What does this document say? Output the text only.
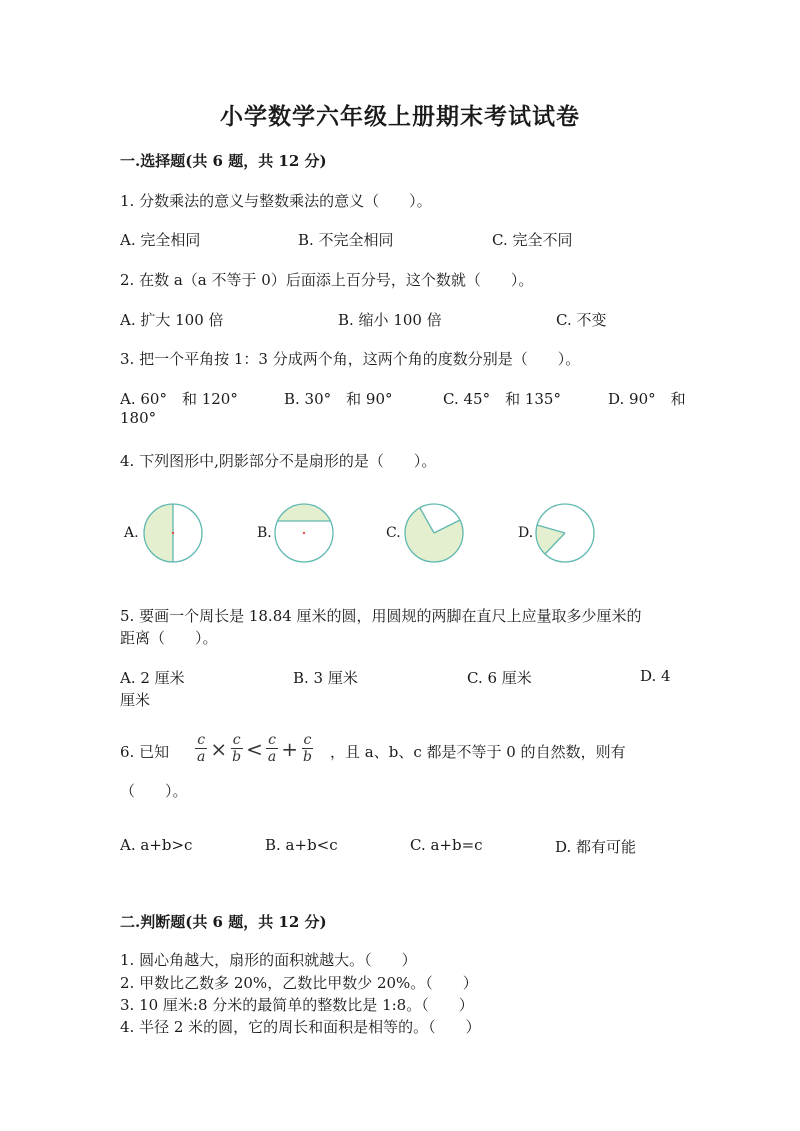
小学数学六年级上册期末考试试卷
一.选择题(共 6 题，共 12 分)
1. 分数乘法的意义与整数乘法的意义（　　）。
A. 完全相同	B. 不完全相同	C. 完全不同
2. 在数 a（a 不等于 0）后面添上百分号，这个数就（　　）。
A. 扩大 100 倍	B. 缩小 100 倍	C. 不变
3. 把一个平角按 1：3 分成两个角，这两个角的度数分别是（　　）。
A. 60°　和 120°	B. 30°　和 90°	C. 45°　和 135°	D. 90°　和
180°
4. 下列图形中,阴影部分不是扇形的是（　　）。
A.	B.	C.	D.
5. 要画一个周长是 18.84 厘米的圆，用圆规的两脚在直尺上应量取多少厘米的
距离（　　）。
A. 2 厘米	B. 3 厘米	C. 6 厘米	D. 4
厘米
6. 已知 $\frac{c}{a} \times \frac{c}{b} < \frac{c}{a} + \frac{c}{b}$ ，且 a、b、c 都是不等于 0 的自然数，则有
（　　）。
A. a+b>c	B. a+b<c	C. a+b=c	D. 都有可能
二.判断题(共 6 题，共 12 分)
1. 圆心角越大，扇形的面积就越大。（　　）
2. 甲数比乙数多 20%，乙数比甲数少 20%。（　　）
3. 10 厘米:8 分米的最简单的整数比是 1:8。（　　）
4. 半径 2 米的圆，它的周长和面积是相等的。（　　）
